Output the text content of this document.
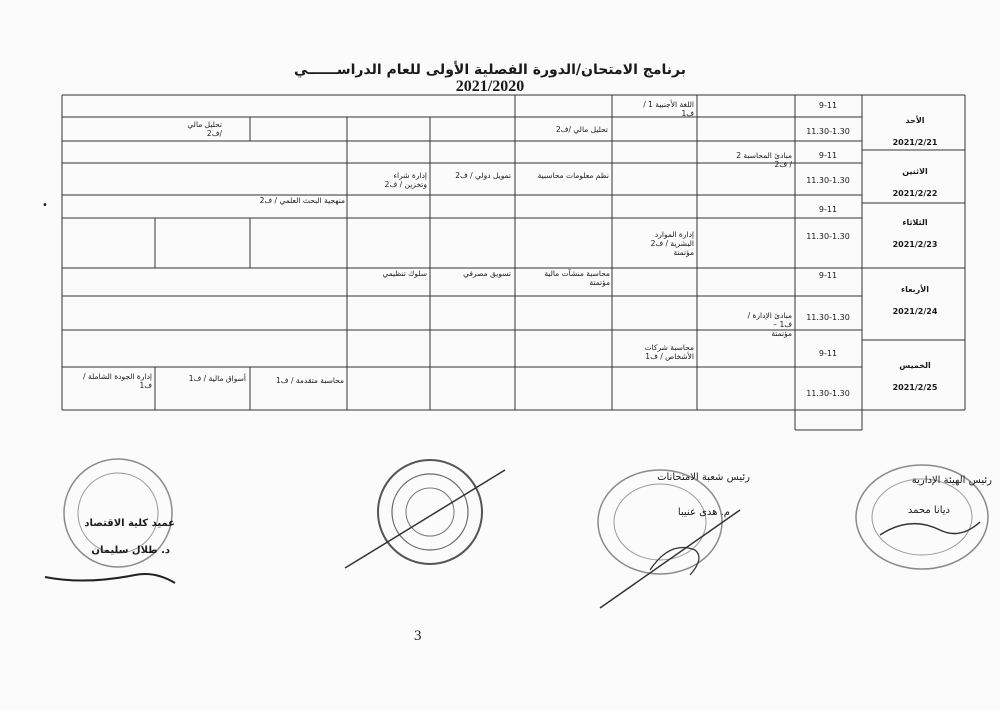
برنامج الامتحان/الدورة الفصلية الأولى للعام الدراســــــي 2021/2020
•

الأحد

2021/2/21

الاثنين

2021/2/22

الثلاثاء

2021/2/23

الأربعاء

2021/2/24

الخميس

2021/2/25

9-11
11.30-1.30
9-11
11.30-1.30
9-11
11.30-1.30
9-11
11.30-1.30
9-11
11.30-1.30
اللغة الأجنبية 1 /
ف1
تحليل مالي /ف2
تحليل مالي
/ف2
مبادئ المحاسبة 2
/ ف2
نظم معلومات محاسبية
تمويل دولي / ف2
إدارة شراء
وتخزين / ف2
منهجية البحث العلمي / ف2
إدارة الموارد
البشرية / ف2
مؤتمتة
محاسبة منشآت مالية
مؤتمتة
تسويق مصرفي
سلوك تنظيمي
مبادئ الإدارة /
ف1 –
مؤتمتة
محاسبة شركات
الأشخاص / ف1
محاسبة متقدمة / ف1
أسواق مالية / ف1
إدارة الجودة الشاملة /
ف1
رئيس الهيئة الإدارية
ديانا محمد
رئيس شعبة الامتحانات
م. هدى عنيبا
عميد كلية الاقتصاد
د. طلال سليمان
3
